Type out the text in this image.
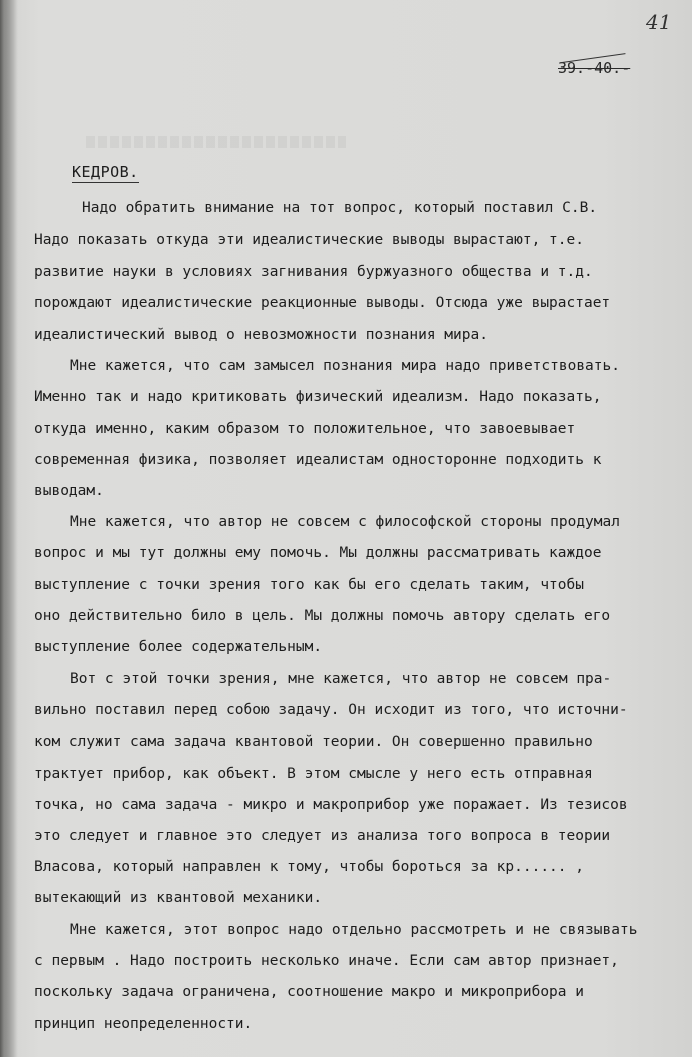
41
39.-40.-
КЕДРОВ.
Надо обратить внимание на тот вопрос, который поставил С.В.
Надо показать откуда эти идеалистические выводы вырастают, т.е.
развитие науки в условиях загнивания буржуазного общества и т.д.
порождают идеалистические реакционные выводы. Отсюда уже вырастает
идеалистический вывод о невозможности познания мира.
Мне кажется, что сам замысел познания мира надо приветствовать.
Именно так и надо критиковать физический идеализм. Надо показать,
откуда именно, каким образом то положительное, что завоевывает
современная физика, позволяет идеалистам односторонне подходить к
выводам.
Мне кажется, что автор не совсем с философской стороны продумал
вопрос и мы тут должны ему помочь. Мы должны рассматривать каждое
выступление с точки зрения того как бы его сделать таким, чтобы
оно действительно било в цель. Мы должны помочь автору сделать его
выступление более содержательным.
Вот с этой точки зрения, мне кажется, что автор не совсем пра-
вильно поставил перед собою задачу. Он исходит из того, что источни-
ком служит сама задача квантовой теории. Он совершенно правильно
трактует прибор, как объект. В этом смысле у него есть отправная
точка, но сама задача - микро и макроприбор уже поражает. Из тезисов
это следует и главное это следует из анализа того вопроса в теории
Власова, который направлен к тому, чтобы бороться за кр...... ,
вытекающий из квантовой механики.
Мне кажется, этот вопрос надо отдельно рассмотреть и не связывать
с первым . Надо построить несколько иначе. Если сам автор признает,
поскольку задача ограничена, соотношение макро и микроприбора и
принцип неопределенности.
